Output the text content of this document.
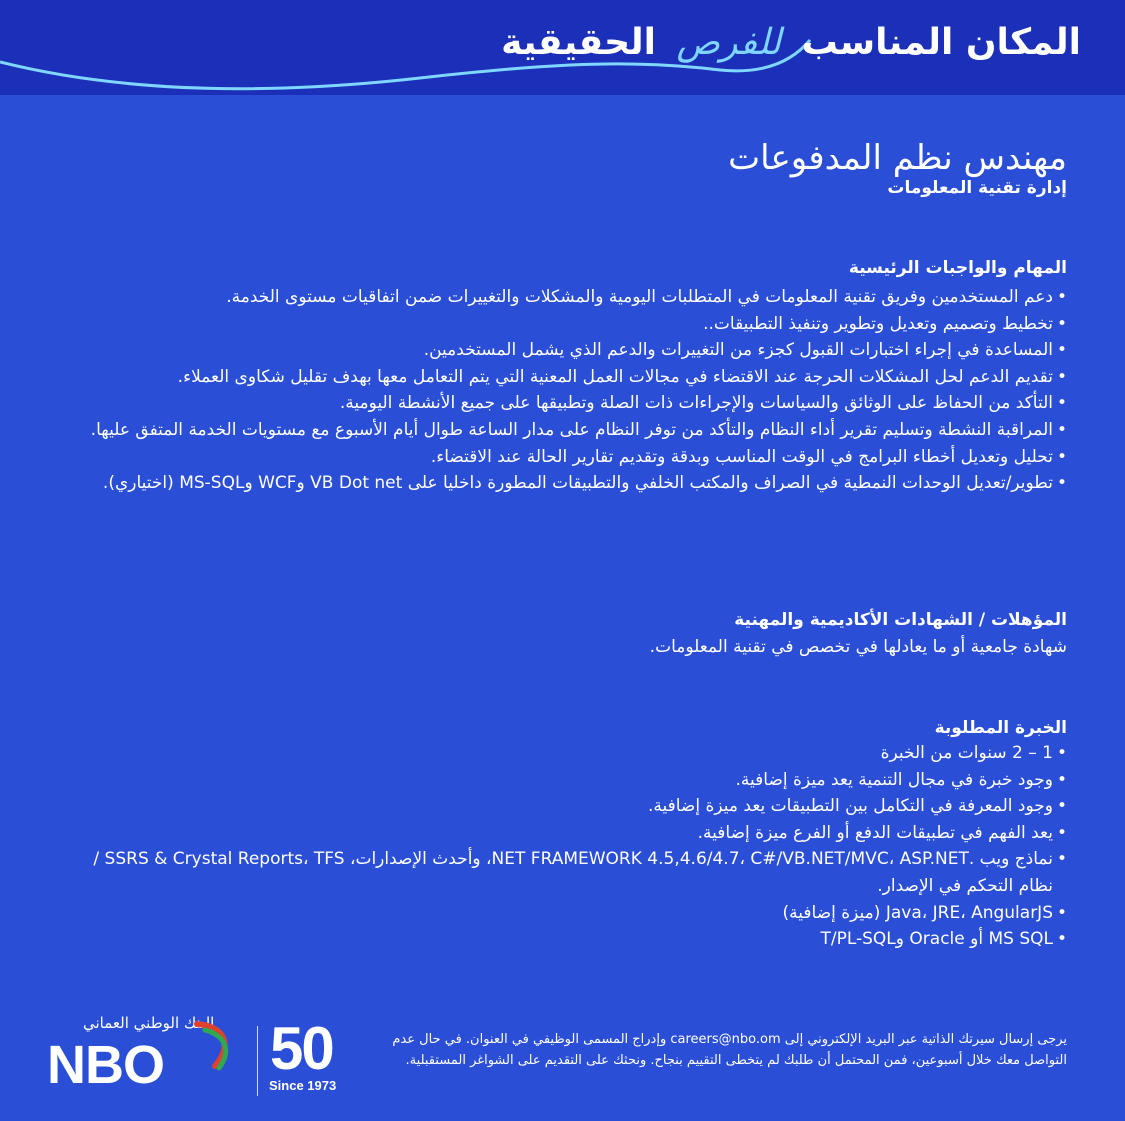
المكان المناسب للفرص الحقيقية
مهندس نظم المدفوعات
إدارة تقنية المعلومات
المهام والواجبات الرئيسية
• دعم المستخدمين وفريق تقنية المعلومات في المتطلبات اليومية والمشكلات والتغييرات ضمن اتفاقيات مستوى الخدمة.
• تخطيط وتصميم وتعديل وتطوير وتنفيذ التطبيقات..
• المساعدة في إجراء اختبارات القبول كجزء من التغييرات والدعم الذي يشمل المستخدمين.
• تقديم الدعم لحل المشكلات الحرجة عند الاقتضاء في مجالات العمل المعنية التي يتم التعامل معها بهدف تقليل شكاوى العملاء.
• التأكد من الحفاظ على الوثائق والسياسات والإجراءات ذات الصلة وتطبيقها على جميع الأنشطة اليومية.
• المراقبة النشطة وتسليم تقرير أداء النظام والتأكد من توفر النظام على مدار الساعة طوال أيام الأسبوع مع مستويات الخدمة المتفق عليها.
• تحليل وتعديل أخطاء البرامج في الوقت المناسب وبدقة وتقديم تقارير الحالة عند الاقتضاء.
• تطوير/تعديل الوحدات النمطية في الصراف والمكتب الخلفي والتطبيقات المطورة داخليا على VB Dot net وWCF وMS-SQL (اختياري).
المؤهلات / الشهادات الأكاديمية والمهنية
شهادة جامعية أو ما يعادلها في تخصص في تقنية المعلومات.
الخبرة المطلوبة
• 1 – 2 سنوات من الخبرة
• وجود خبرة في مجال التنمية يعد ميزة إضافية.
• وجود المعرفة في التكامل بين التطبيقات يعد ميزة إضافية.
• يعد الفهم في تطبيقات الدفع أو الفرع ميزة إضافية.
• نماذج ويب .NET FRAMEWORK 4.5,4.6/4.7، C#/VB.NET/MVC، ASP.NET، وأحدث الإصدارات، SSRS & Crystal Reports، TFS / نظام التحكم في الإصدار.
• Java، JRE، AngularJS (ميزة إضافية)
• MS SQL أو Oracle وT/PL-SQL
يرجى إرسال سيرتك الذاتية عبر البريد الإلكتروني إلى careers@nbo.om وإدراج المسمى الوظيفي في العنوان. في حال عدم التواصل معك خلال أسبوعين، فمن المحتمل أن طلبك لم يتخطى التقييم بنجاح. ونحثك على التقديم على الشواغر المستقبلية.
البنك الوطني العماني
NBO 50
Since 1973
